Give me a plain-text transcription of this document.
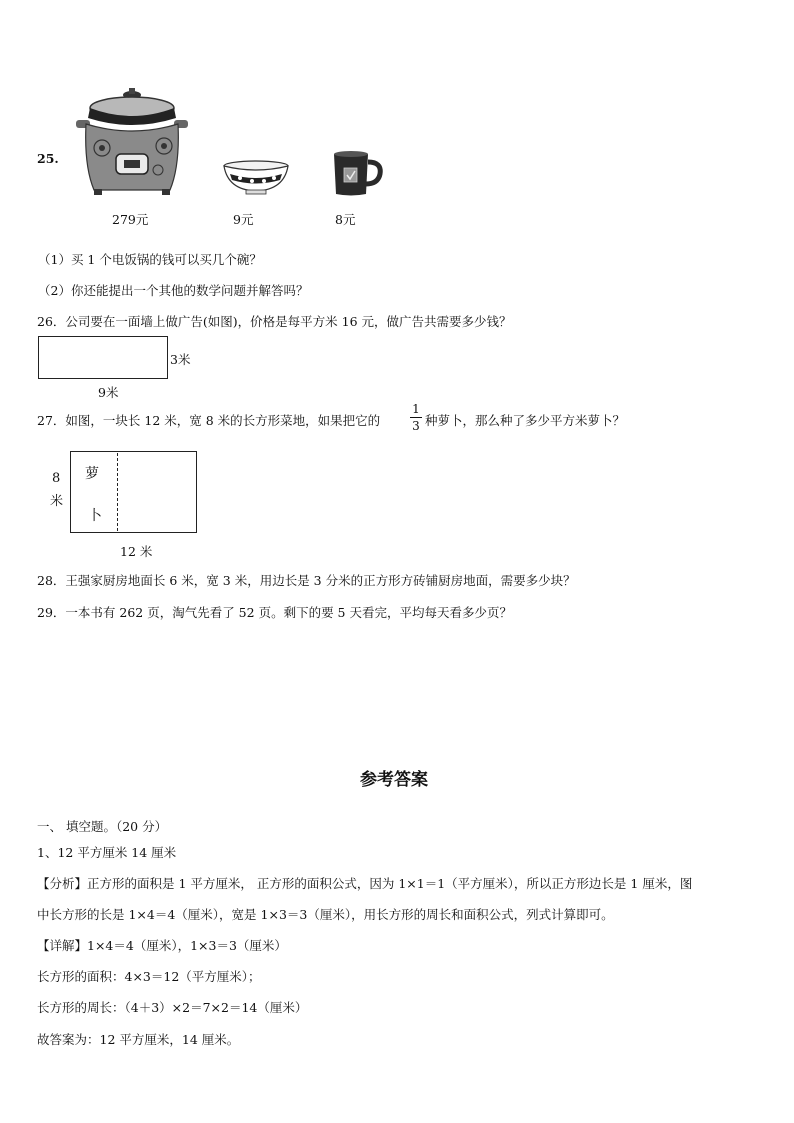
25.
279元	9元	8元
（1）买 1 个电饭锅的钱可以买几个碗？
（2）你还能提出一个其他的数学问题并解答吗？
26．公司要在一面墙上做广告(如图)，价格是每平方米 16 元，做广告共需要多少钱？
3米
9米
27．如图，一块长 12 米，宽 8 米的长方形菜地，如果把它的
1
3 种萝卜，那么种了多少平方米萝卜？
萝
卜
8
米
12 米
28．王强家厨房地面长 6 米，宽 3 米，用边长是 3 分米的正方形方砖铺厨房地面，需要多少块？
29．一本书有 262 页，淘气先看了 52 页。剩下的要 5 天看完，平均每天看多少页？
参考答案
一、 填空题。（20 分）
1、12 平方厘米 14 厘米
【分析】正方形的面积是 1 平方厘米， 正方形的面积公式，因为 1×1＝1（平方厘米），所以正方形边长是 1 厘米，图
中长方形的长是 1×4＝4（厘米），宽是 1×3＝3（厘米），用长方形的周长和面积公式，列式计算即可。
【详解】1×4＝4（厘米），1×3＝3（厘米）
长方形的面积：4×3＝12（平方厘米）；
长方形的周长：（4＋3）×2＝7×2＝14（厘米）
故答案为：12 平方厘米，14 厘米。
